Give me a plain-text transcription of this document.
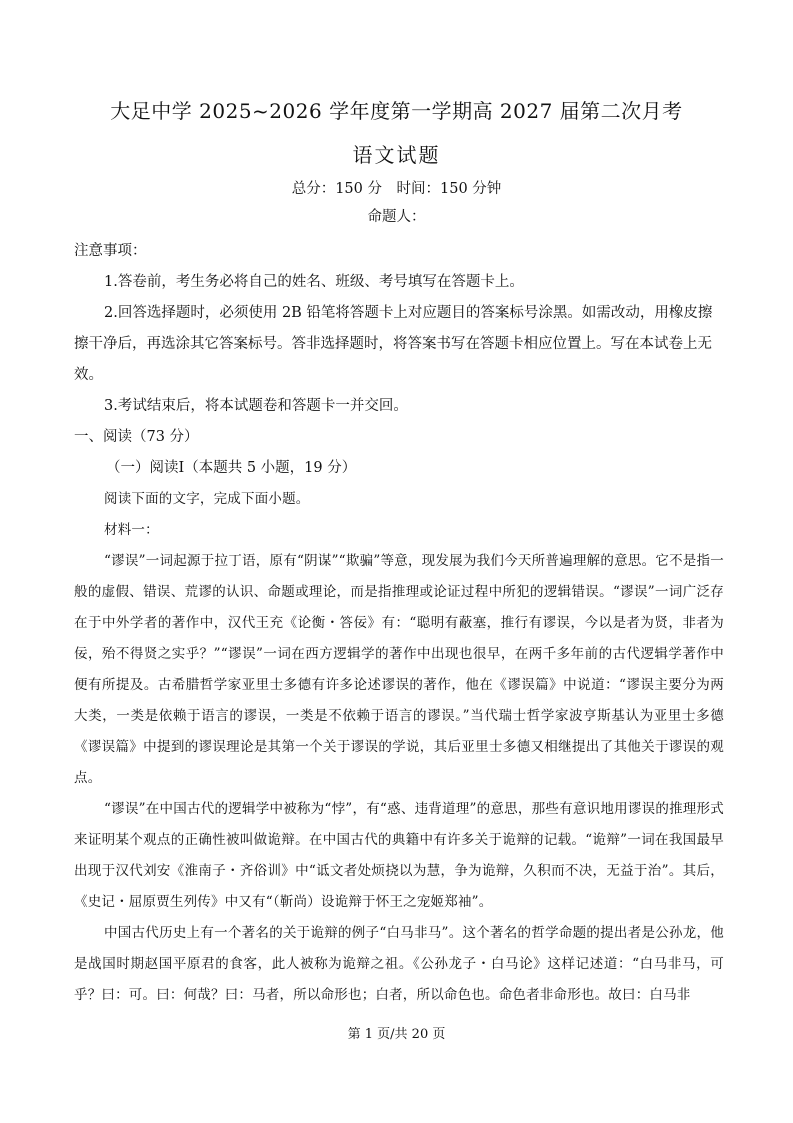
大足中学 2025~2026 学年度第一学期高 2027 届第二次月考
语文试题
总分：150 分　时间：150 分钟
命题人：

注意事项：

1.答卷前，考生务必将自己的姓名、班级、考号填写在答题卡上。

2.回答选择题时，必须使用 2B 铅笔将答题卡上对应题目的答案标号涂黑。如需改动，用橡皮擦擦干净后，再选涂其它答案标号。答非选择题时，将答案书写在答题卡相应位置上。写在本试卷上无效。

3.考试结束后，将本试题卷和答题卡一并交回。

一、阅读（73 分）

（一）阅读Ⅰ（本题共 5 小题，19 分）

阅读下面的文字，完成下面小题。

材料一：

“谬误”一词起源于拉丁语，原有“阴谋”“欺骗”等意，现发展为我们今天所普遍理解的意思。它不是指一般的虚假、错误、荒谬的认识、命题或理论，而是指推理或论证过程中所犯的逻辑错误。“谬误”一词广泛存在于中外学者的著作中，汉代王充《论衡・答佞》有：“聪明有蔽塞，推行有谬误，今以是者为贤，非者为佞，殆不得贤之实乎？”“谬误”一词在西方逻辑学的著作中出现也很早，在两千多年前的古代逻辑学著作中便有所提及。古希腊哲学家亚里士多德有许多论述谬误的著作，他在《谬误篇》中说道：“谬误主要分为两大类，一类是依赖于语言的谬误，一类是不依赖于语言的谬误。”当代瑞士哲学家波亨斯基认为亚里士多德《谬误篇》中提到的谬误理论是其第一个关于谬误的学说，其后亚里士多德又相继提出了其他关于谬误的观点。

“谬误”在中国古代的逻辑学中被称为“悖”，有“惑、违背道理”的意思，那些有意识地用谬误的推理形式来证明某个观点的正确性被叫做诡辩。在中国古代的典籍中有许多关于诡辩的记载。“诡辩”一词在我国最早出现于汉代刘安《淮南子・齐俗训》中“诋文者处烦挠以为慧，争为诡辩，久积而不决，无益于治”。其后，《史记・屈原贾生列传》中又有“（靳尚）设诡辩于怀王之宠姬郑袖”。

中国古代历史上有一个著名的关于诡辩的例子“白马非马”。这个著名的哲学命题的提出者是公孙龙，他是战国时期赵国平原君的食客，此人被称为诡辩之祖。《公孙龙子・白马论》这样记述道：“白马非马，可乎？曰：可。曰：何哉？曰：马者，所以命形也；白者，所以命色也。命色者非命形也。故曰：白马非

第 1 页/共 20 页
